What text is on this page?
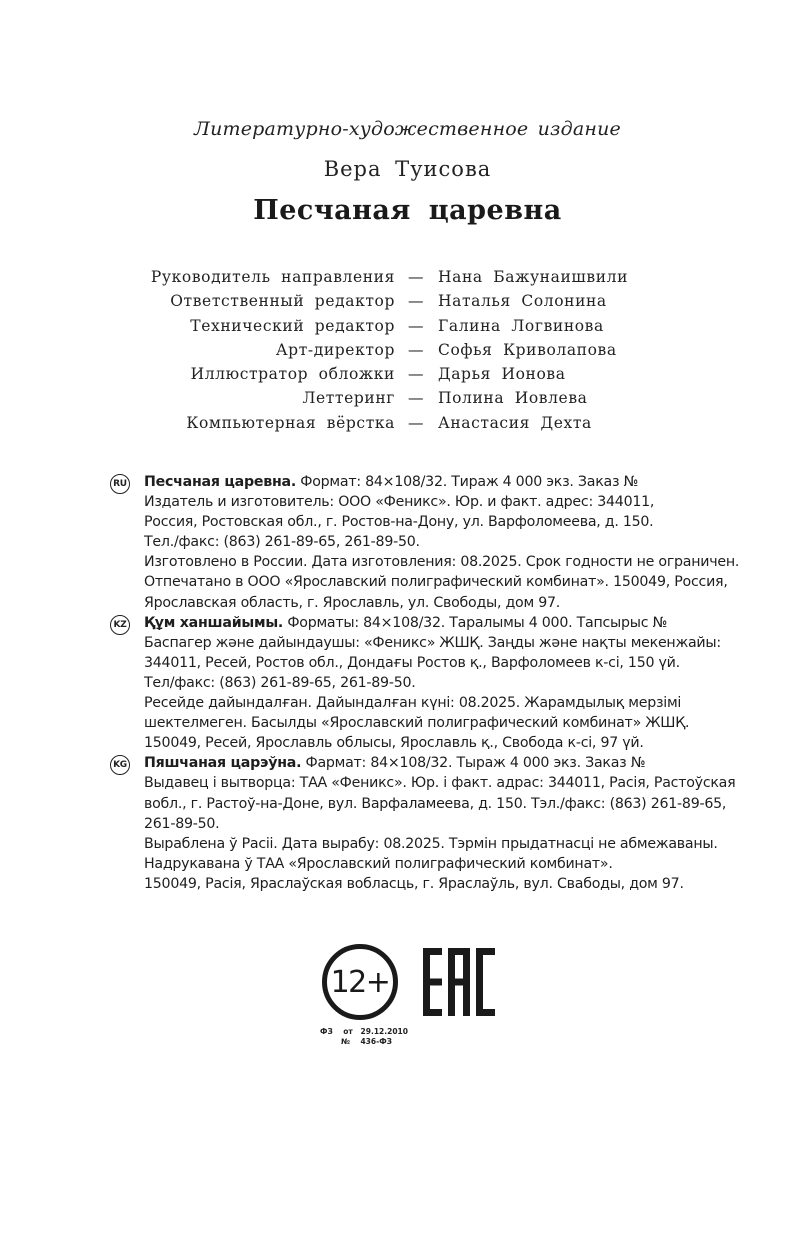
Литературно-художественное издание
Вера Туисова
Песчаная царевна
Руководитель направления — Нана Бажунаишвили
Ответственный редактор — Наталья Солонина
Технический редактор — Галина Логвинова
Арт-директор — Софья Криволапова
Иллюстратор обложки — Дарья Ионова
Леттеринг — Полина Иовлева
Компьютерная вёрстка — Анастасия Дехта
RU Песчаная царевна. Формат: 84×108/32. Тираж 4 000 экз. Заказ №
Издатель и изготовитель: ООО «Феникс». Юр. и факт. адрес: 344011,
Россия, Ростовская обл., г. Ростов-на-Дону, ул. Варфоломеева, д. 150.
Тел./факс: (863) 261-89-65, 261-89-50.
Изготовлено в России. Дата изготовления: 08.2025. Срок годности не ограничен.
Отпечатано в ООО «Ярославский полиграфический комбинат». 150049, Россия,
Ярославская область, г. Ярославль, ул. Свободы, дом 97.
KZ Құм ханшайымы. Форматы: 84×108/32. Таралымы 4 000. Тапсырыс №
Баспагер және дайындаушы: «Феникс» ЖШҚ. Заңды және нақты мекенжайы:
344011, Ресей, Ростов обл., Дондағы Ростов қ., Варфоломеев к-сі, 150 үй.
Тел/факс: (863) 261-89-65, 261-89-50.
Ресейде дайындалған. Дайындалған күні: 08.2025. Жарамдылық мерзімі
шектелмеген. Басылды «Ярославский полиграфический комбинат» ЖШҚ.
150049, Ресей, Ярославль облысы, Ярославль қ., Свобода к-сі, 97 үй.
KG Пяшчаная царэўна. Фармат: 84×108/32. Тыраж 4 000 экз. Заказ №
Выдавец і вытворца: ТАА «Феникс». Юр. і факт. адрас: 344011, Расія, Растоўская
вобл., г. Растоў-на-Доне, вул. Варфаламеева, д. 150. Тэл./факс: (863) 261-89-65,
261-89-50.
Выраблена ў Расіі. Дата вырабу: 08.2025. Тэрмін прыдатнасці не абмежаваны.
Надрукавана ў ТАА «Ярославский полиграфический комбинат».
150049, Расія, Яраслаўская вобласць, г. Яраслаўль, вул. Свабоды, дом 97.
12+
ФЗ    от   29.12.2010
№    436-ФЗ
